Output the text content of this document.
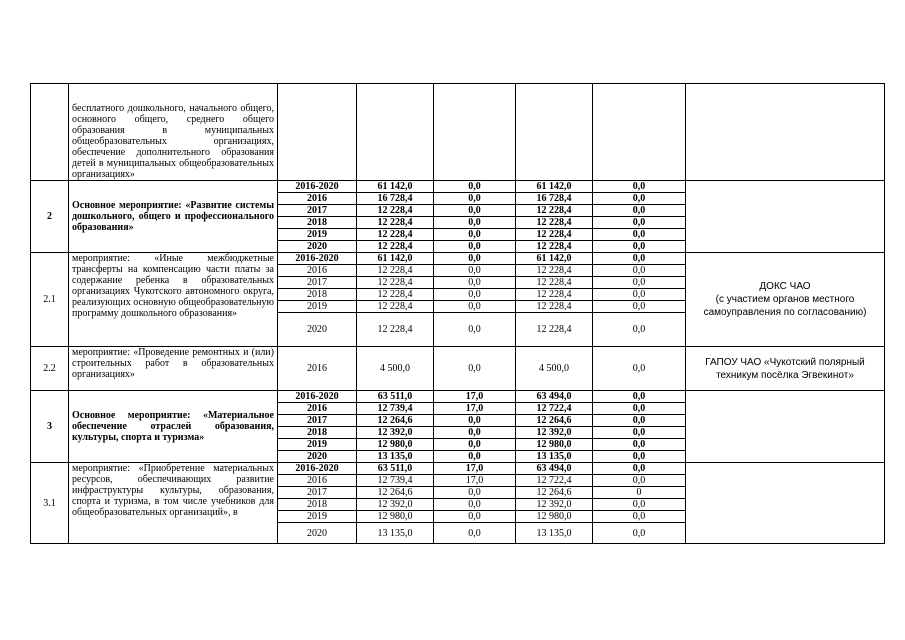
	бесплатного дошкольного, начального общего, основного общего, среднего общего образования в муниципальных общеобразовательных организациях, обеспечение дополнительного образования детей в муниципальных общеобразовательных организациях»						
2	Основное мероприятие: «Развитие системы дошкольного, общего и профессионального образования»	2016-2020	61 142,0	0,0	61 142,0	0,0	
		2016	16 728,4	0,0	16 728,4	0,0	
		2017	12 228,4	0,0	12 228,4	0,0	
		2018	12 228,4	0,0	12 228,4	0,0	
		2019	12 228,4	0,0	12 228,4	0,0	
		2020	12 228,4	0,0	12 228,4	0,0	
2.1	мероприятие: «Иные межбюджетные трансферты на компенсацию части платы за содержание ребенка в образовательных организациях Чукотского автономного округа, реализующих основную общеобразовательную программу дошкольного образования»	2016-2020	61 142,0	0,0	61 142,0	0,0	ДОКС ЧАО
(с участием органов местного самоуправления по согласованию)

		2016	12 228,4	0,0	12 228,4	0,0	
		2017	12 228,4	0,0	12 228,4	0,0	
		2018	12 228,4	0,0	12 228,4	0,0	
		2019	12 228,4	0,0	12 228,4	0,0	
		2020	12 228,4	0,0	12 228,4	0,0	
2.2	мероприятие: «Проведение ремонтных и (или) строительных работ в образовательных организациях»	2016	4 500,0	0,0	4 500,0	0,0	ГАПОУ ЧАО «Чукотский полярный техникум посёлка Эгвекинот»
3	Основное мероприятие: «Материальное обеспечение отраслей образования, культуры, спорта и туризма»	2016-2020	63 511,0	17,0	63 494,0	0,0	
		2016	12 739,4	17,0	12 722,4	0,0	
		2017	12 264,6	0,0	12 264,6	0,0	
		2018	12 392,0	0,0	12 392,0	0,0	
		2019	12 980,0	0,0	12 980,0	0,0	
		2020	13 135,0	0,0	13 135,0	0,0	
3.1	мероприятие: «Приобретение материальных ресурсов, обеспечивающих развитие инфраструктуры культуры, образования, спорта и туризма, в том числе учебников для общеобразовательных организаций», в	2016-2020	63 511,0	17,0	63 494,0	0,0	
		2016	12 739,4	17,0	12 722,4	0,0	
		2017	12 264,6	0,0	12 264,6	0	
		2018	12 392,0	0,0	12 392,0	0,0	
		2019	12 980,0	0,0	12 980,0	0,0	
		2020	13 135,0	0,0	13 135,0	0,0	
